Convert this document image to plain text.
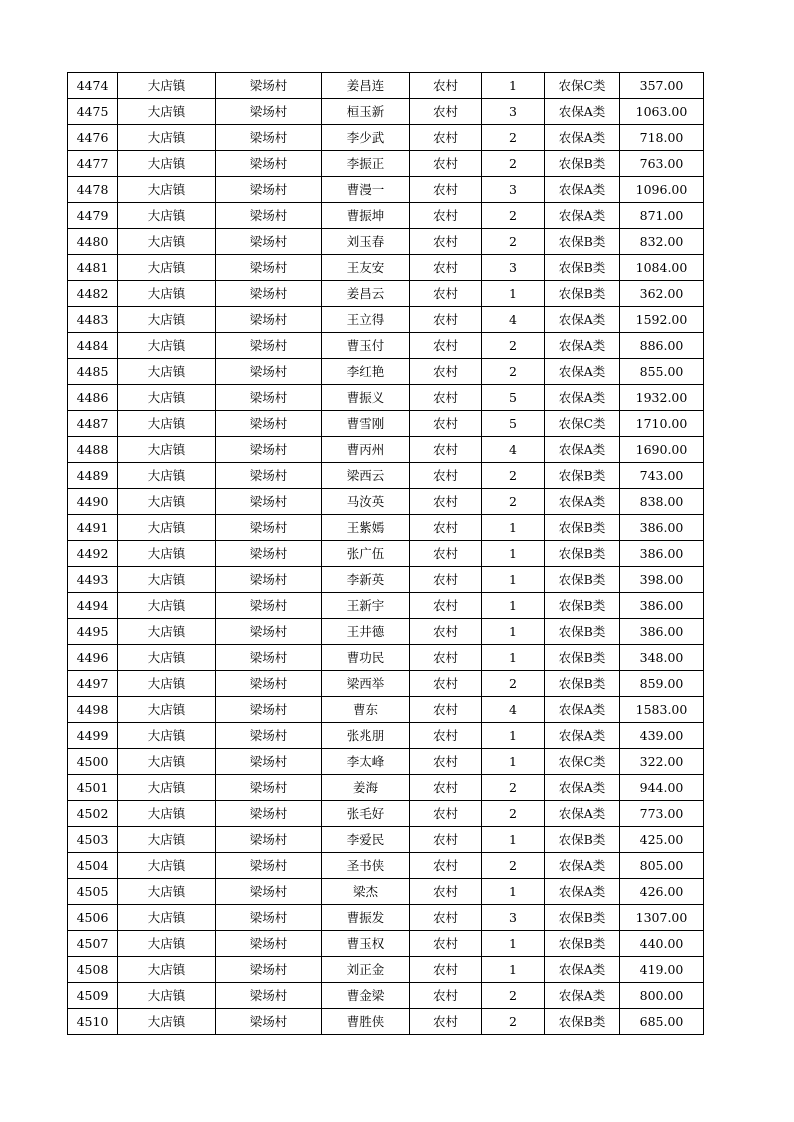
4474	大店镇	梁场村	姜昌连	农村	1	农保C类	357.00
4475	大店镇	梁场村	桓玉新	农村	3	农保A类	1063.00
4476	大店镇	梁场村	李少武	农村	2	农保A类	718.00
4477	大店镇	梁场村	李振正	农村	2	农保B类	763.00
4478	大店镇	梁场村	曹漫一	农村	3	农保A类	1096.00
4479	大店镇	梁场村	曹振坤	农村	2	农保A类	871.00
4480	大店镇	梁场村	刘玉春	农村	2	农保B类	832.00
4481	大店镇	梁场村	王友安	农村	3	农保B类	1084.00
4482	大店镇	梁场村	姜昌云	农村	1	农保B类	362.00
4483	大店镇	梁场村	王立得	农村	4	农保A类	1592.00
4484	大店镇	梁场村	曹玉付	农村	2	农保A类	886.00
4485	大店镇	梁场村	李红艳	农村	2	农保A类	855.00
4486	大店镇	梁场村	曹振义	农村	5	农保A类	1932.00
4487	大店镇	梁场村	曹雪刚	农村	5	农保C类	1710.00
4488	大店镇	梁场村	曹丙州	农村	4	农保A类	1690.00
4489	大店镇	梁场村	梁西云	农村	2	农保B类	743.00
4490	大店镇	梁场村	马汝英	农村	2	农保A类	838.00
4491	大店镇	梁场村	王紫嫣	农村	1	农保B类	386.00
4492	大店镇	梁场村	张广伍	农村	1	农保B类	386.00
4493	大店镇	梁场村	李新英	农村	1	农保B类	398.00
4494	大店镇	梁场村	王新宇	农村	1	农保B类	386.00
4495	大店镇	梁场村	王井德	农村	1	农保B类	386.00
4496	大店镇	梁场村	曹功民	农村	1	农保B类	348.00
4497	大店镇	梁场村	梁西举	农村	2	农保B类	859.00
4498	大店镇	梁场村	曹东	农村	4	农保A类	1583.00
4499	大店镇	梁场村	张兆朋	农村	1	农保A类	439.00
4500	大店镇	梁场村	李太峰	农村	1	农保C类	322.00
4501	大店镇	梁场村	姜海	农村	2	农保A类	944.00
4502	大店镇	梁场村	张毛好	农村	2	农保A类	773.00
4503	大店镇	梁场村	李爱民	农村	1	农保B类	425.00
4504	大店镇	梁场村	圣书侠	农村	2	农保A类	805.00
4505	大店镇	梁场村	梁杰	农村	1	农保A类	426.00
4506	大店镇	梁场村	曹振发	农村	3	农保B类	1307.00
4507	大店镇	梁场村	曹玉权	农村	1	农保B类	440.00
4508	大店镇	梁场村	刘正金	农村	1	农保A类	419.00
4509	大店镇	梁场村	曹金梁	农村	2	农保A类	800.00
4510	大店镇	梁场村	曹胜侠	农村	2	农保B类	685.00
